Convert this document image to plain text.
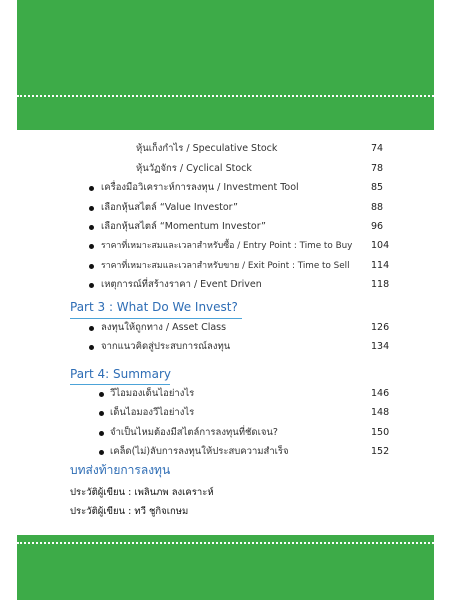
หุ้นเก็งกำไร / Speculative Stock	74
หุ้นวัฏจักร / Cyclical Stock	78
เครื่องมือวิเคราะห์การลงทุน / Investment Tool	85
เลือกหุ้นสไตล์ “Value Investor”	88
เลือกหุ้นสไตล์ “Momentum Investor”	96
ราคาที่เหมาะสมและเวลาสำหรับซื้อ / Entry Point : Time to Buy 104
ราคาที่เหมาะสมและเวลาสำหรับขาย / Exit Point : Time to Sell 114
เหตุการณ์ที่สร้างราคา / Event Driven	118
Part 3 : What Do We Invest?
ลงทุนให้ถูกทาง / Asset Class	126
จากแนวคิดสู่ประสบการณ์ลงทุน	134
Part 4: Summary
วีไอมองเด็นไอย่างไร	146
เด็นไอมองวีไอย่างไร	148
จำเป็นไหมต้องมีสไตล์การลงทุนที่ชัดเจน?	150
เคล็ด(ไม่)ลับการลงทุนให้ประสบความสำเร็จ	152
บทส่งท้ายการลงทุน
ประวัติผู้เขียน : เพลินภพ ลงเคราะห์
ประวัติผู้เขียน : ทวี ชูกิจเกษม
